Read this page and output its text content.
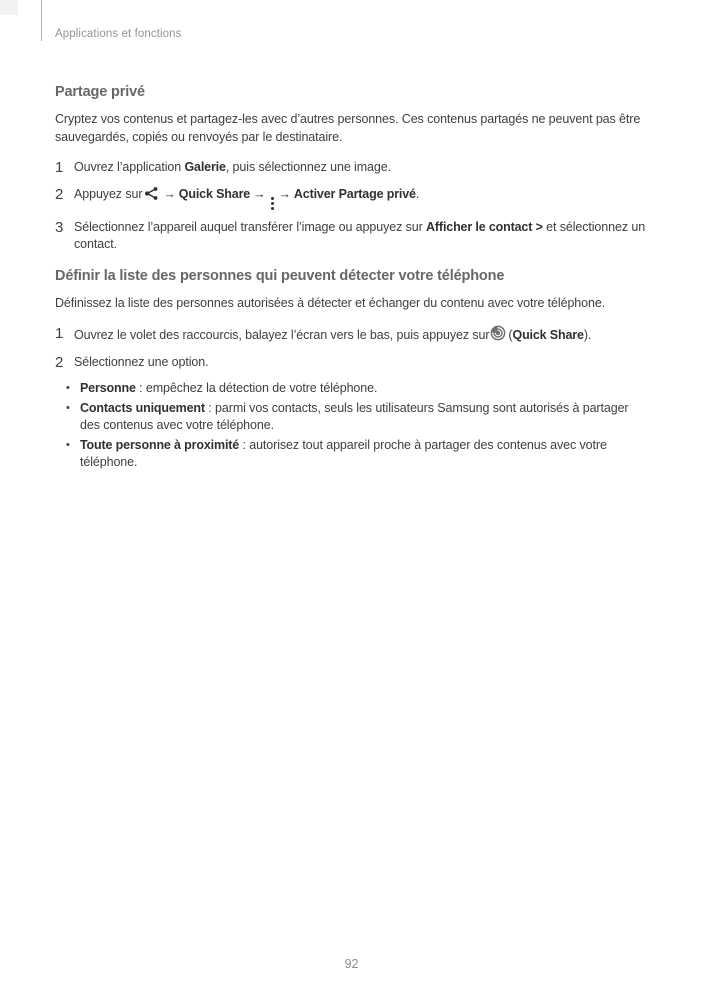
Applications et fonctions
Partage privé

Cryptez vos contenus et partagez-les avec d’autres personnes. Ces contenus partagés ne peuvent pas être sauvegardés, copiés ou renvoyés par le destinataire.

1 Ouvrez l’application Galerie, puis sélectionnez une image.
2 Appuyez sur → Quick Share → → Activer Partage privé.
3 Sélectionnez l’appareil auquel transférer l’image ou appuyez sur Afficher le contact > et sélectionnez un contact.
Définir la liste des personnes qui peuvent détecter votre téléphone

Définissez la liste des personnes autorisées à détecter et échanger du contenu avec votre téléphone.

1 Ouvrez le volet des raccourcis, balayez l’écran vers le bas, puis appuyez sur (Quick Share).
2 Sélectionnez une option.
• Personne : empêchez la détection de votre téléphone.
• Contacts uniquement : parmi vos contacts, seuls les utilisateurs Samsung sont autorisés à partager des contenus avec votre téléphone.
• Toute personne à proximité : autorisez tout appareil proche à partager des contenus avec votre téléphone.
92
